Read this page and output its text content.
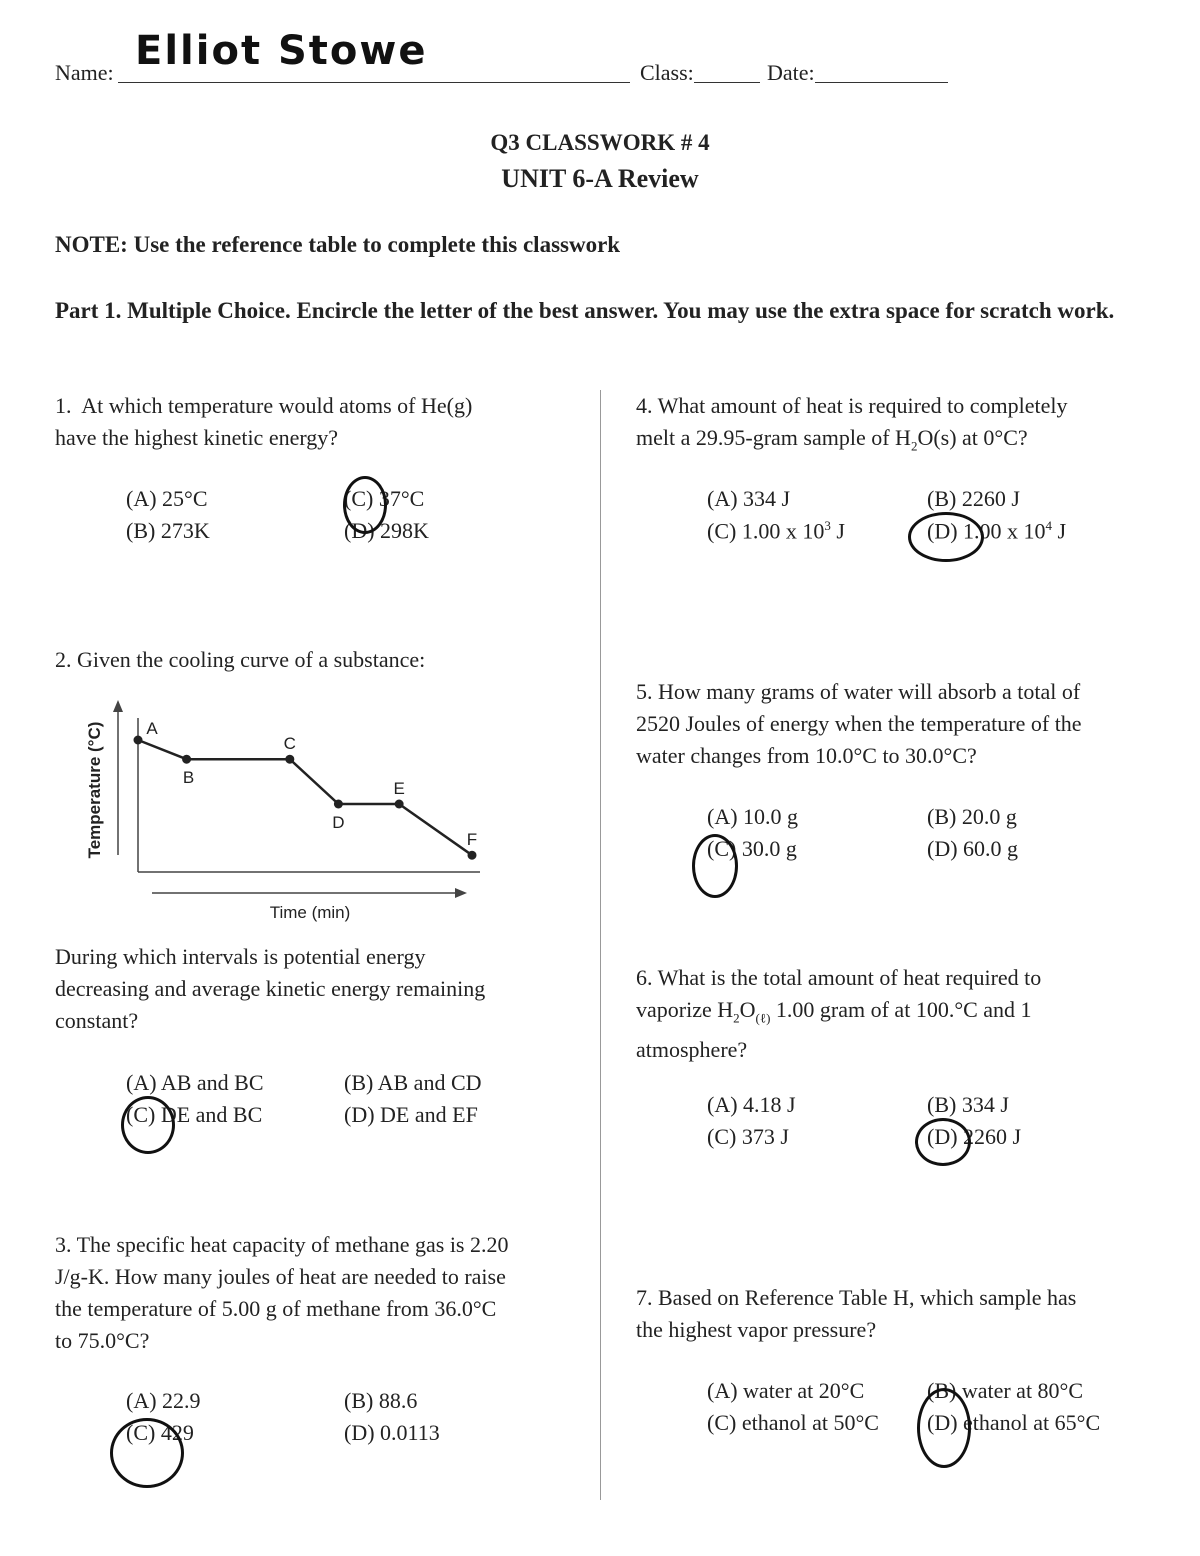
Name: Elliot Stowe	Class:	Date:
Q3 CLASSWORK # 4
UNIT 6-A Review
NOTE: Use the reference table to complete this classwork
Part 1. Multiple Choice. Encircle the letter of the best answer. You may use the extra space for scratch work.
1. At which temperature would atoms of He(g)
have the highest kinetic energy?
(A) 25°C	(C) 37°C
(B) 273K	(D) 298K
2. Given the cooling curve of a substance:
Temperature (°C)
Time (min)
A
B
C
D
E
F
During which intervals is potential energy
decreasing and average kinetic energy remaining
constant?
(A) AB and BC	(B) AB and CD
(C) DE and BC	(D) DE and EF
3. The specific heat capacity of methane gas is 2.20
J/g-K. How many joules of heat are needed to raise
the temperature of 5.00 g of methane from 36.0°C
to 75.0°C?
(A) 22.9	(B) 88.6
(C) 429	(D) 0.0113
4. What amount of heat is required to completely
melt a 29.95-gram sample of $H_2O(s)$ at 0°C?
(A) 334 J	(B) 2260 J
(C) 1.00 x $10^3$ J	(D) 1.00 x $10^4$ J
5. How many grams of water will absorb a total of
2520 Joules of energy when the temperature of the
water changes from 10.0°C to 30.0°C?
(A) 10.0 g	(B) 20.0 g
(C) 30.0 g	(D) 60.0 g
6. What is the total amount of heat required to
vaporize $H_2O_{(\ell)}$ 1.00 gram of at 100.°C and 1
atmosphere?
(A) 4.18 J	(B) 334 J
(C) 373 J	(D) 2260 J
7. Based on Reference Table H, which sample has
the highest vapor pressure?
(A) water at 20°C	(B) water at 80°C
(C) ethanol at 50°C (D) ethanol at 65°C
